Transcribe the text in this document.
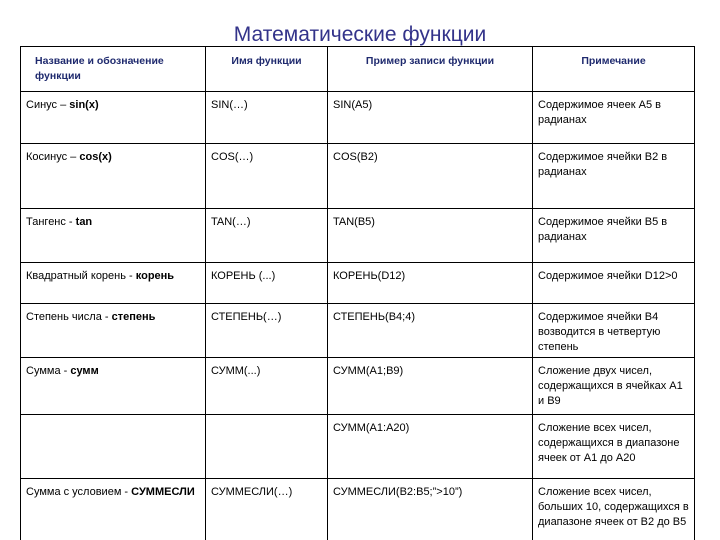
Математические функции
Название и обозначение функции	Имя функции	Пример записи функции	Примечание
Синус – sin(x)	SIN(…)	SIN(A5)	Содержимое ячеек A5 в радианах
Косинус – cos(x)	COS(…)	COS(B2)	Содержимое ячейки B2 в радианах
Тангенс - tan	TAN(…)	TAN(B5)	Содержимое ячейки B5 в радианах
Квадратный корень - корень	КОРЕНЬ (...)	КОРЕНЬ(D12)	Содержимое ячейки D12>0
Степень числа - степень	СТЕПЕНЬ(…)	СТЕПЕНЬ(B4;4)	Содержимое ячейки B4 возводится в четвертую степень
Сумма - сумм	СУММ(...)	СУММ(A1;B9)	Сложение двух чисел, содержащихся в ячейках A1 и B9
		СУММ(A1:A20)	Сложение всех чисел, содержащихся в диапазоне ячеек от A1 до A20
Сумма с условием - СУММЕСЛИ	СУММЕСЛИ(…)	СУММЕСЛИ(B2:B5;”>10”)	Сложение всех чисел, больших 10, содержащихся в диапазоне ячеек от B2 до B5
